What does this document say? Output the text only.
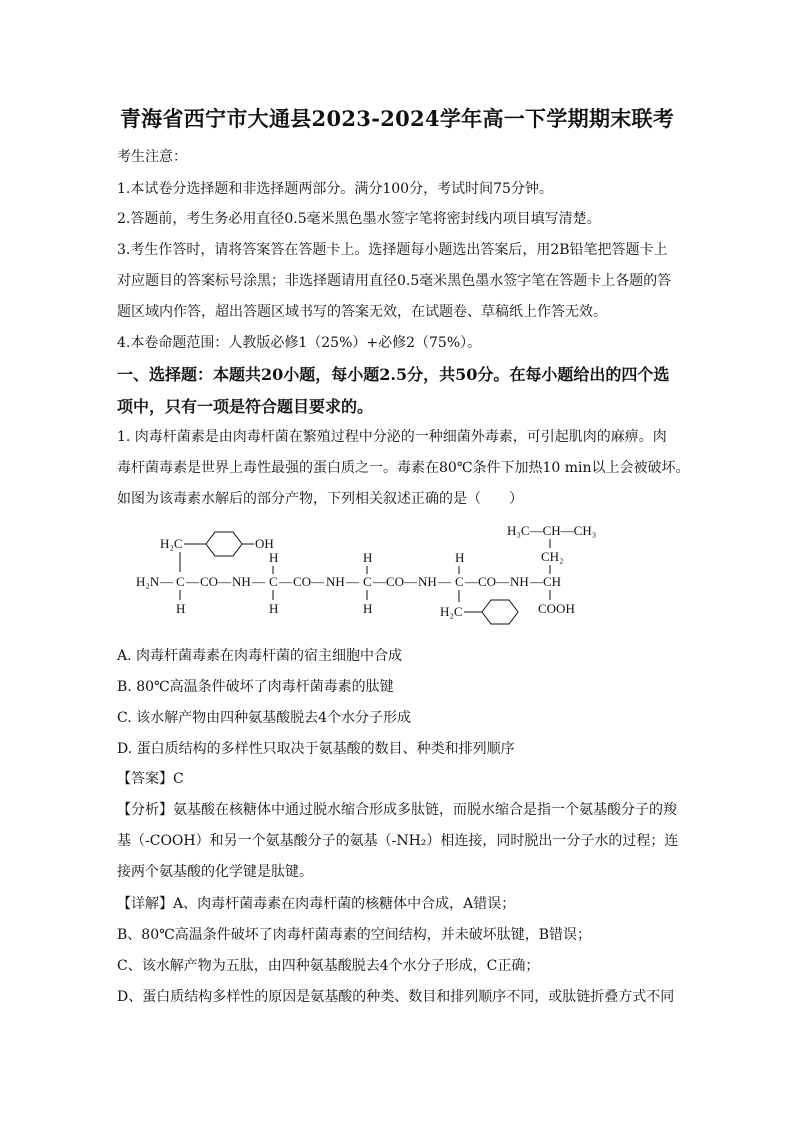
青海省西宁市大通县2023-2024学年高一下学期期末联考
考生注意：
1.本试卷分选择题和非选择题两部分。满分100分，考试时间75分钟。
2.答题前，考生务必用直径0.5毫米黑色墨水签字笔将密封线内项目填写清楚。
3.考生作答时，请将答案答在答题卡上。选择题每小题选出答案后，用2B铅笔把答题卡上
对应题目的答案标号涂黑；非选择题请用直径0.5毫米黑色墨水签字笔在答题卡上各题的答
题区域内作答，超出答题区域书写的答案无效，在试题卷、草稿纸上作答无效。
4.本卷命题范围：人教版必修1（25%）+必修2（75%）。
一、选择题：本题共20小题，每小题2.5分，共50分。在每小题给出的四个选
项中，只有一项是符合题目要求的。
1. 肉毒杆菌素是由肉毒杆菌在繁殖过程中分泌的一种细菌外毒素，可引起肌肉的麻痹。肉
毒杆菌毒素是世界上毒性最强的蛋白质之一。毒素在80℃条件下加热10 min以上会被破坏。
如图为该毒素水解后的部分产物，下列相关叙述正确的是（　　）
H₂C	OH
H	H	H
H₃C—CH—CH₃
CH₂
H₂N — C — CO — NH — C — CO — NH — C — CO — NH — C — CO — NH — CH
H	H	H	H₂C	COOH
A. 肉毒杆菌毒素在肉毒杆菌的宿主细胞中合成
B. 80℃高温条件破坏了肉毒杆菌毒素的肽键
C. 该水解产物由四种氨基酸脱去4个水分子形成
D. 蛋白质结构的多样性只取决于氨基酸的数目、种类和排列顺序
【答案】C
【分析】氨基酸在核糖体中通过脱水缩合形成多肽链，而脱水缩合是指一个氨基酸分子的羧
基（-COOH）和另一个氨基酸分子的氨基（-NH₂）相连接，同时脱出一分子水的过程；连
接两个氨基酸的化学键是肽键。
【详解】A、肉毒杆菌毒素在肉毒杆菌的核糖体中合成，A错误；
B、80℃高温条件破坏了肉毒杆菌毒素的空间结构，并未破坏肽键，B错误；
C、该水解产物为五肽，由四种氨基酸脱去4个水分子形成，C正确；
D、蛋白质结构多样性的原因是氨基酸的种类、数目和排列顺序不同，或肽链折叠方式不同
